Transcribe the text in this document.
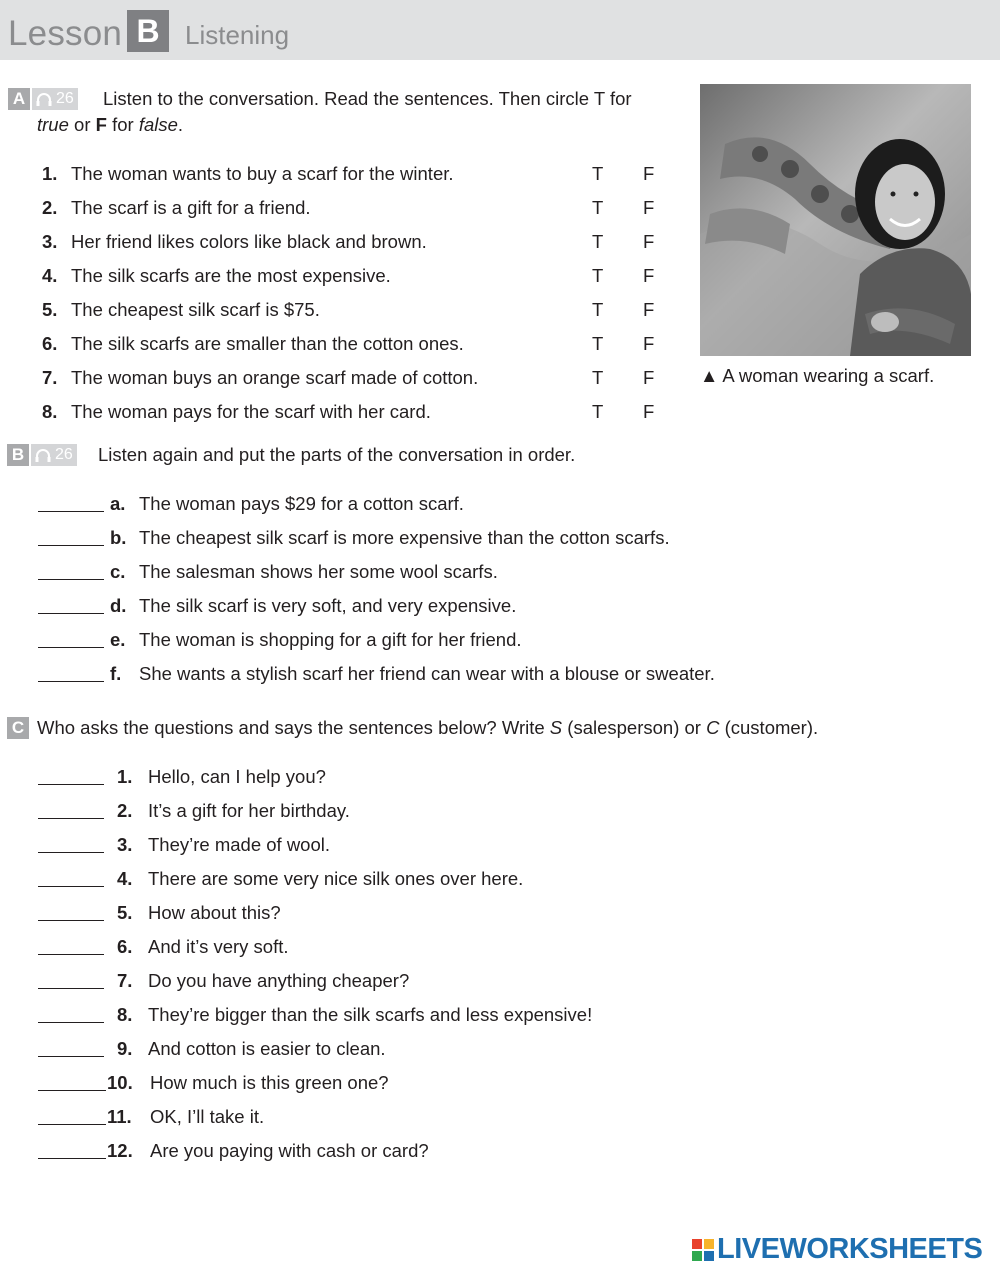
Lesson B Listening
A	26 Listen to the conversation. Read the sentences. Then circle T for
true or F for false.
1. The woman wants to buy a scarf for the winter.	T F
2. The scarf is a gift for a friend.	T F
3. Her friend likes colors like black and brown.	T F
4. The silk scarfs are the most expensive.	T F
5. The cheapest silk scarf is $75.	T F
6. The silk scarfs are smaller than the cotton ones.	T F
7. The woman buys an orange scarf made of cotton.	T F
8. The woman pays for the scarf with her card.	T F
▲ A woman wearing a scarf.
B	26 Listen again and put the parts of the conversation in order.
a. The woman pays $29 for a cotton scarf.
b. The cheapest silk scarf is more expensive than the cotton scarfs.
c. The salesman shows her some wool scarfs.
d. The silk scarf is very soft, and very expensive.
e. The woman is shopping for a gift for her friend.
f. She wants a stylish scarf her friend can wear with a blouse or sweater.
C Who asks the questions and says the sentences below? Write S (salesperson) or C (customer).
1. Hello, can I help you?
2. It’s a gift for her birthday.
3. They’re made of wool.
4. There are some very nice silk ones over here.
5. How about this?
6. And it’s very soft.
7. Do you have anything cheaper?
8. They’re bigger than the silk scarfs and less expensive!
9. And cotton is easier to clean.
10. How much is this green one?
11. OK, I’ll take it.
12. Are you paying with cash or card?
LIVEWORKSHEETS
